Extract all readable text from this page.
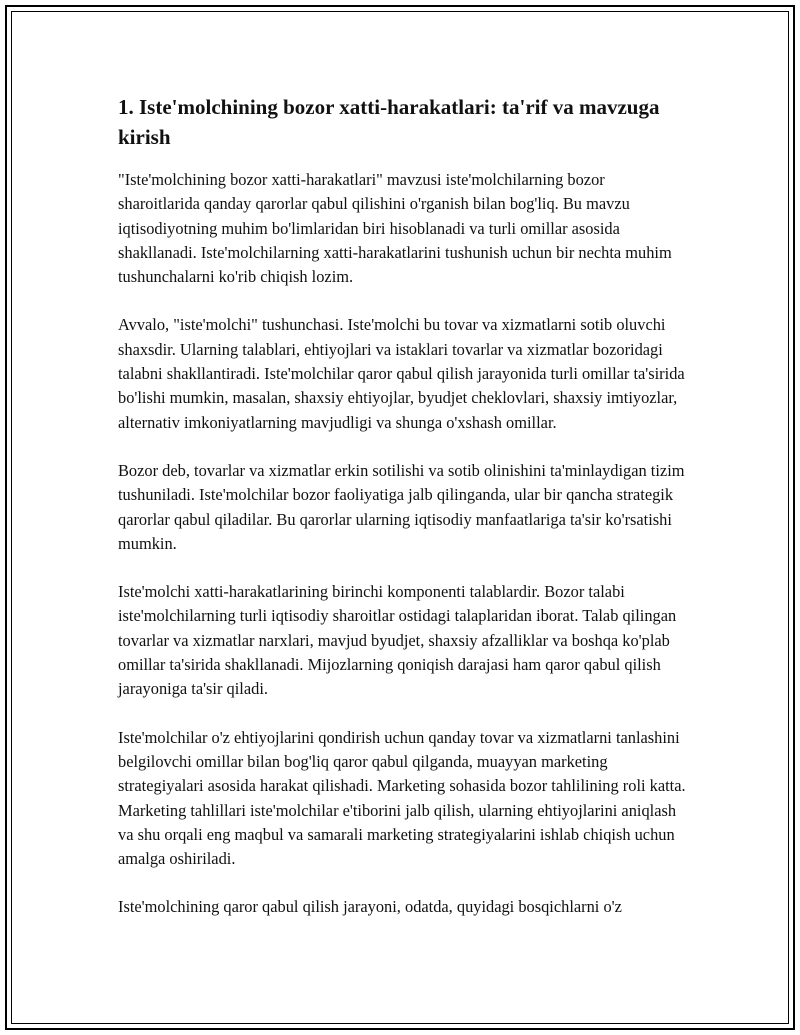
1. Iste'molchining bozor xatti-harakatlari: ta'rif va mavzuga kirish

"Iste'molchining bozor xatti-harakatlari" mavzusi iste'molchilarning bozor sharoitlarida qanday qarorlar qabul qilishini o'rganish bilan bog'liq. Bu mavzu iqtisodiyotning muhim bo'limlaridan biri hisoblanadi va turli omillar asosida shakllanadi. Iste'molchilarning xatti-harakatlarini tushunish uchun bir nechta muhim tushunchalarni ko'rib chiqish lozim.

Avvalo, "iste'molchi" tushunchasi. Iste'molchi bu tovar va xizmatlarni sotib oluvchi shaxsdir. Ularning talablari, ehtiyojlari va istaklari tovarlar va xizmatlar bozoridagi talabni shakllantiradi. Iste'molchilar qaror qabul qilish jarayonida turli omillar ta'sirida bo'lishi mumkin, masalan, shaxsiy ehtiyojlar, byudjet cheklovlari, shaxsiy imtiyozlar, alternativ imkoniyatlarning mavjudligi va shunga o'xshash omillar.

Bozor deb, tovarlar va xizmatlar erkin sotilishi va sotib olinishini ta'minlaydigan tizim tushuniladi. Iste'molchilar bozor faoliyatiga jalb qilinganda, ular bir qancha strategik qarorlar qabul qiladilar. Bu qarorlar ularning iqtisodiy manfaatlariga ta'sir ko'rsatishi mumkin.

Iste'molchi xatti-harakatlarining birinchi komponenti talablardir. Bozor talabi iste'molchilarning turli iqtisodiy sharoitlar ostidagi talaplaridan iborat. Talab qilingan tovarlar va xizmatlar narxlari, mavjud byudjet, shaxsiy afzalliklar va boshqa ko'plab omillar ta'sirida shakllanadi. Mijozlarning qoniqish darajasi ham qaror qabul qilish jarayoniga ta'sir qiladi.

Iste'molchilar o'z ehtiyojlarini qondirish uchun qanday tovar va xizmatlarni tanlashini belgilovchi omillar bilan bog'liq qaror qabul qilganda, muayyan marketing strategiyalari asosida harakat qilishadi. Marketing sohasida bozor tahlilining roli katta. Marketing tahlillari iste'molchilar e'tiborini jalb qilish, ularning ehtiyojlarini aniqlash va shu orqali eng maqbul va samarali marketing strategiyalarini ishlab chiqish uchun amalga oshiriladi.

Iste'molchining qaror qabul qilish jarayoni, odatda, quyidagi bosqichlarni o'z
